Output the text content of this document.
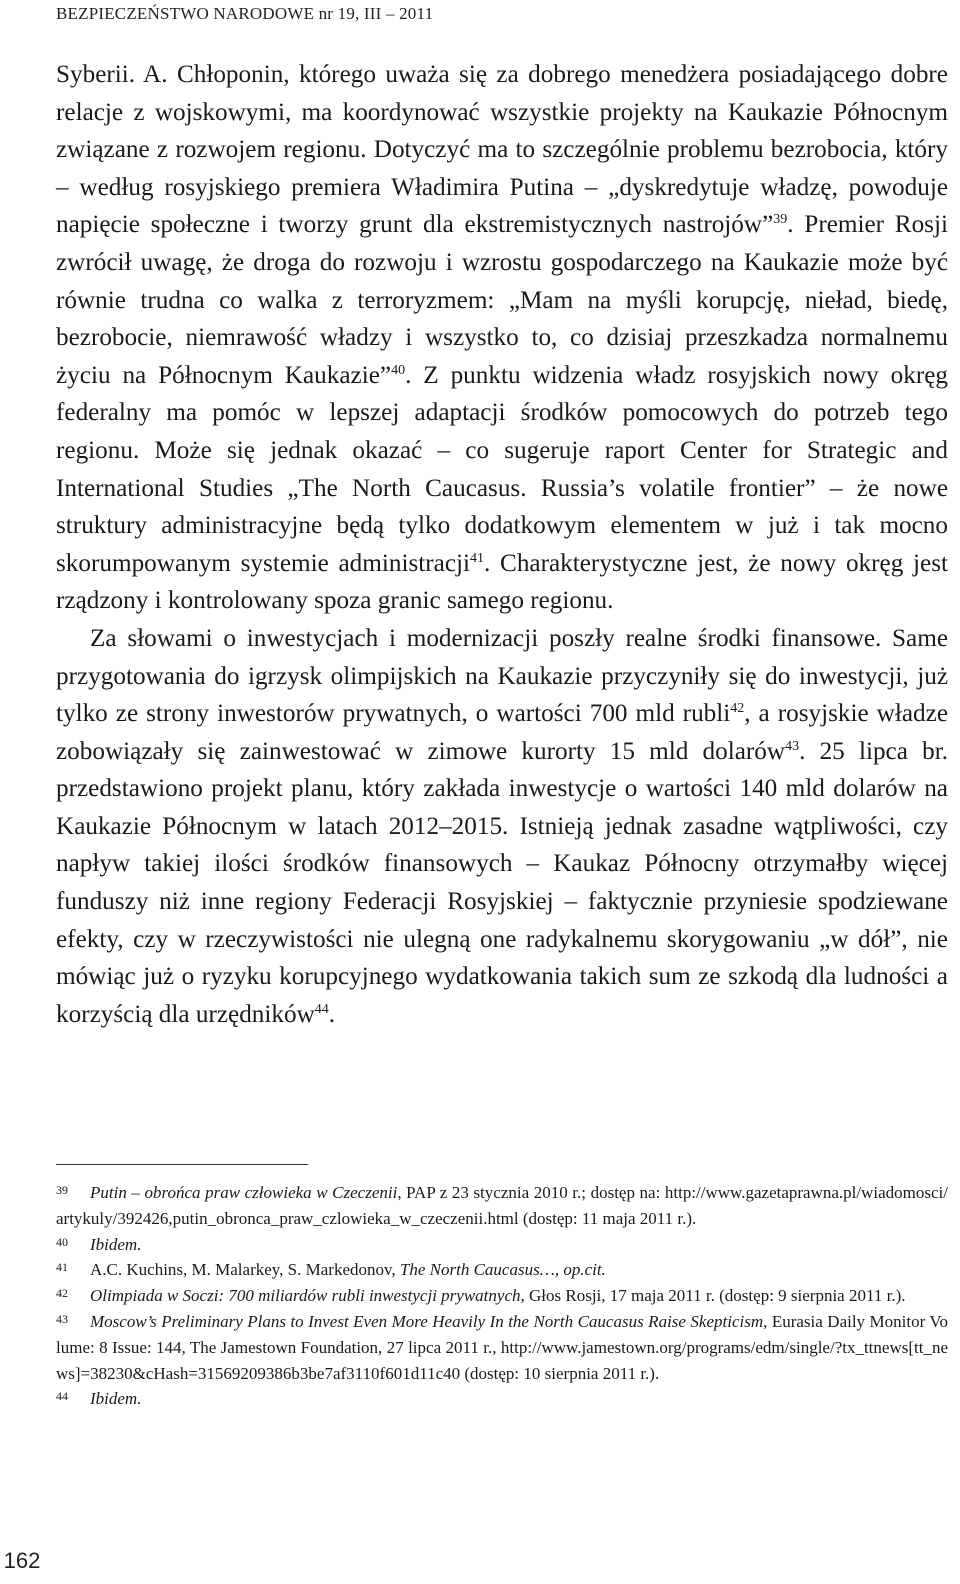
BEZPIECZEŃSTWO NARODOWE nr 19, III – 2011

Syberii. A. Chłoponin, którego uważa się za dobrego menedżera posiadającego dobre relacje z wojskowymi, ma koordynować wszystkie projekty na Kaukazie Północnym związane z rozwojem regionu. Dotyczyć ma to szczególnie problemu bezrobocia, który – według rosyjskiego premiera Władimira Putina – „dyskredytuje władzę, powoduje napięcie społeczne i tworzy grunt dla ekstremistycznych nastrojów”$^{39}$. Premier Rosji zwrócił uwagę, że droga do rozwoju i wzrostu gospodarczego na Kaukazie może być równie trudna co walka z terroryzmem: „Mam na myśli korupcję, nieład, biedę, bezrobocie, niemrawość władzy i wszystko to, co dzisiaj przeszkadza normalnemu życiu na Północnym Kaukazie”$^{40}$. Z punktu widzenia władz rosyjskich nowy okręg federalny ma pomóc w lepszej adaptacji środków pomocowych do potrzeb tego regionu. Może się jednak okazać – co sugeruje raport Center for Strategic and International Studies „The North Caucasus. Russia’s volatile frontier” – że nowe struktury administracyjne będą tylko dodatkowym elementem w już i tak mocno skorumpowanym systemie administracji$^{41}$. Charakterystyczne jest, że nowy okręg jest rządzony i kontrolowany spoza granic samego regionu.

Za słowami o inwestycjach i modernizacji poszły realne środki finansowe. Same przygotowania do igrzysk olimpijskich na Kaukazie przyczyniły się do inwestycji, już tylko ze strony inwestorów prywatnych, o wartości 700 mld rubli$^{42}$, a rosyjskie władze zobowiązały się zainwestować w zimowe kurorty 15 mld dolarów$^{43}$. 25 lipca br. przedstawiono projekt planu, który zakłada inwestycje o wartości 140 mld dolarów na Kaukazie Północnym w latach 2012–2015. Istnieją jednak zasadne wątpliwości, czy napływ takiej ilości środków finansowych – Kaukaz Północny otrzymałby więcej funduszy niż inne regiony Federacji Rosyjskiej – faktycznie przyniesie spodziewane efekty, czy w rzeczywistości nie ulegną one radykalnemu skorygowaniu „w dół”, nie mówiąc już o ryzyku korupcyjnego wydatkowania takich sum ze szkodą dla ludności a korzyścią dla urzędników$^{44}$.

39 Putin – obrońca praw człowieka w Czeczenii, PAP z 23 stycznia 2010 r.; dostęp na: http://www.gazetaprawna.pl/wiadomosci/artykuly/392426,putin_obronca_praw_czlowieka_w_czeczenii.html (dostęp: 11 maja 2011 r.).

40 Ibidem.

41 A.C. Kuchins, M. Malarkey, S. Markedonov, The North Caucasus…, op.cit.

42 Olimpiada w Soczi: 700 miliardów rubli inwestycji prywatnych, Głos Rosji, 17 maja 2011 r. (dostęp: 9 sierpnia 2011 r.).

43 Moscow’s Preliminary Plans to Invest Even More Heavily In the North Caucasus Raise Skepticism, Eurasia Daily Monitor Volume: 8 Issue: 144, The Jamestown Foundation, 27 lipca 2011 r., http://www.jamestown.org/programs/edm/single/?tx_ttnews[tt_news]=38230&cHash=31569209386b3be7af3110f601d11c40 (dostęp: 10 sierpnia 2011 r.).

44 Ibidem.

162
